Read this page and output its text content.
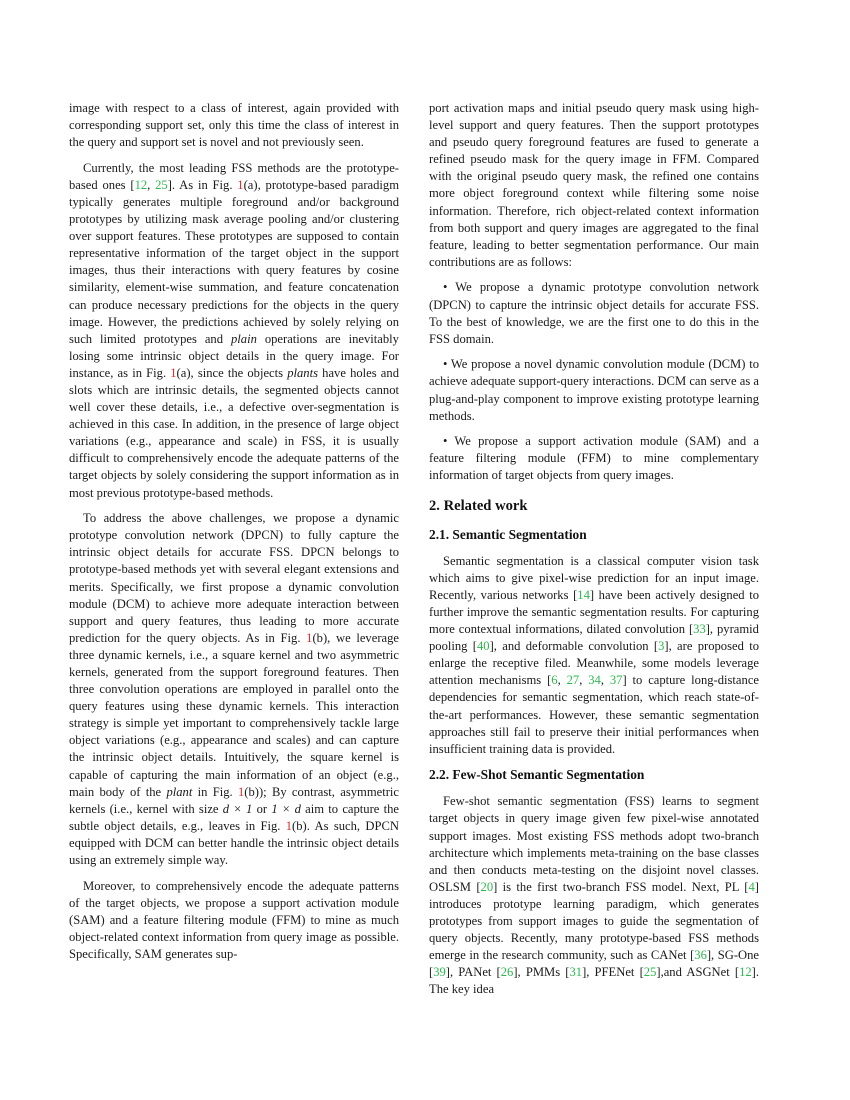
image with respect to a class of interest, again provided with corresponding support set, only this time the class of interest in the query and support set is novel and not previously seen.

Currently, the most leading FSS methods are the prototype-based ones [12, 25]. As in Fig. 1(a), prototype-based paradigm typically generates multiple foreground and/or background prototypes by utilizing mask average pooling and/or clustering over support features. These prototypes are supposed to contain representative information of the target object in the support images, thus their interactions with query features by cosine similarity, element-wise summation, and feature concatenation can produce necessary predictions for the objects in the query image. However, the predictions achieved by solely relying on such limited prototypes and plain operations are inevitably losing some intrinsic object details in the query image. For instance, as in Fig. 1(a), since the objects plants have holes and slots which are intrinsic details, the segmented objects cannot well cover these details, i.e., a defective over-segmentation is achieved in this case. In addition, in the presence of large object variations (e.g., appearance and scale) in FSS, it is usually difficult to comprehensively encode the adequate patterns of the target objects by solely considering the support information as in most previous prototype-based methods.

To address the above challenges, we propose a dynamic prototype convolution network (DPCN) to fully capture the intrinsic object details for accurate FSS. DPCN belongs to prototype-based methods yet with several elegant extensions and merits. Specifically, we first propose a dynamic convolution module (DCM) to achieve more adequate interaction between support and query features, thus leading to more accurate prediction for the query objects. As in Fig. 1(b), we leverage three dynamic kernels, i.e., a square kernel and two asymmetric kernels, generated from the support foreground features. Then three convolution operations are employed in parallel onto the query features using these dynamic kernels. This interaction strategy is simple yet important to comprehensively tackle large object variations (e.g., appearance and scales) and can capture the intrinsic object details. Intuitively, the square kernel is capable of capturing the main information of an object (e.g., main body of the plant in Fig. 1(b)); By contrast, asymmetric kernels (i.e., kernel with size d × 1 or 1 × d aim to capture the subtle object details, e.g., leaves in Fig. 1(b). As such, DPCN equipped with DCM can better handle the intrinsic object details using an extremely simple way.

Moreover, to comprehensively encode the adequate patterns of the target objects, we propose a support activation module (SAM) and a feature filtering module (FFM) to mine as much object-related context information from query image as possible. Specifically, SAM generates sup-

port activation maps and initial pseudo query mask using high-level support and query features. Then the support prototypes and pseudo query foreground features are fused to generate a refined pseudo mask for the query image in FFM. Compared with the original pseudo query mask, the refined one contains more object foreground context while filtering some noise information. Therefore, rich object-related context information from both support and query images are aggregated to the final feature, leading to better segmentation performance. Our main contributions are as follows:

• We propose a dynamic prototype convolution network (DPCN) to capture the intrinsic object details for accurate FSS. To the best of knowledge, we are the first one to do this in the FSS domain.

• We propose a novel dynamic convolution module (DCM) to achieve adequate support-query interactions. DCM can serve as a plug-and-play component to improve existing prototype learning methods.

• We propose a support activation module (SAM) and a feature filtering module (FFM) to mine complementary information of target objects from query images.

2. Related work
2.1. Semantic Segmentation

Semantic segmentation is a classical computer vision task which aims to give pixel-wise prediction for an input image. Recently, various networks [14] have been actively designed to further improve the semantic segmentation results. For capturing more contextual informations, dilated convolution [33], pyramid pooling [40], and deformable convolution [3], are proposed to enlarge the receptive filed. Meanwhile, some models leverage attention mechanisms [6, 27, 34, 37] to capture long-distance dependencies for semantic segmentation, which reach state-of-the-art performances. However, these semantic segmentation approaches still fail to preserve their initial performances when insufficient training data is provided.

2.2. Few-Shot Semantic Segmentation

Few-shot semantic segmentation (FSS) learns to segment target objects in query image given few pixel-wise annotated support images. Most existing FSS methods adopt two-branch architecture which implements meta-training on the base classes and then conducts meta-testing on the disjoint novel classes. OSLSM [20] is the first two-branch FSS model. Next, PL [4] introduces prototype learning paradigm, which generates prototypes from support images to guide the segmentation of query objects. Recently, many prototype-based FSS methods emerge in the research community, such as CANet [36], SG-One [39], PANet [26], PMMs [31], PFENet [25],and ASGNet [12]. The key idea
